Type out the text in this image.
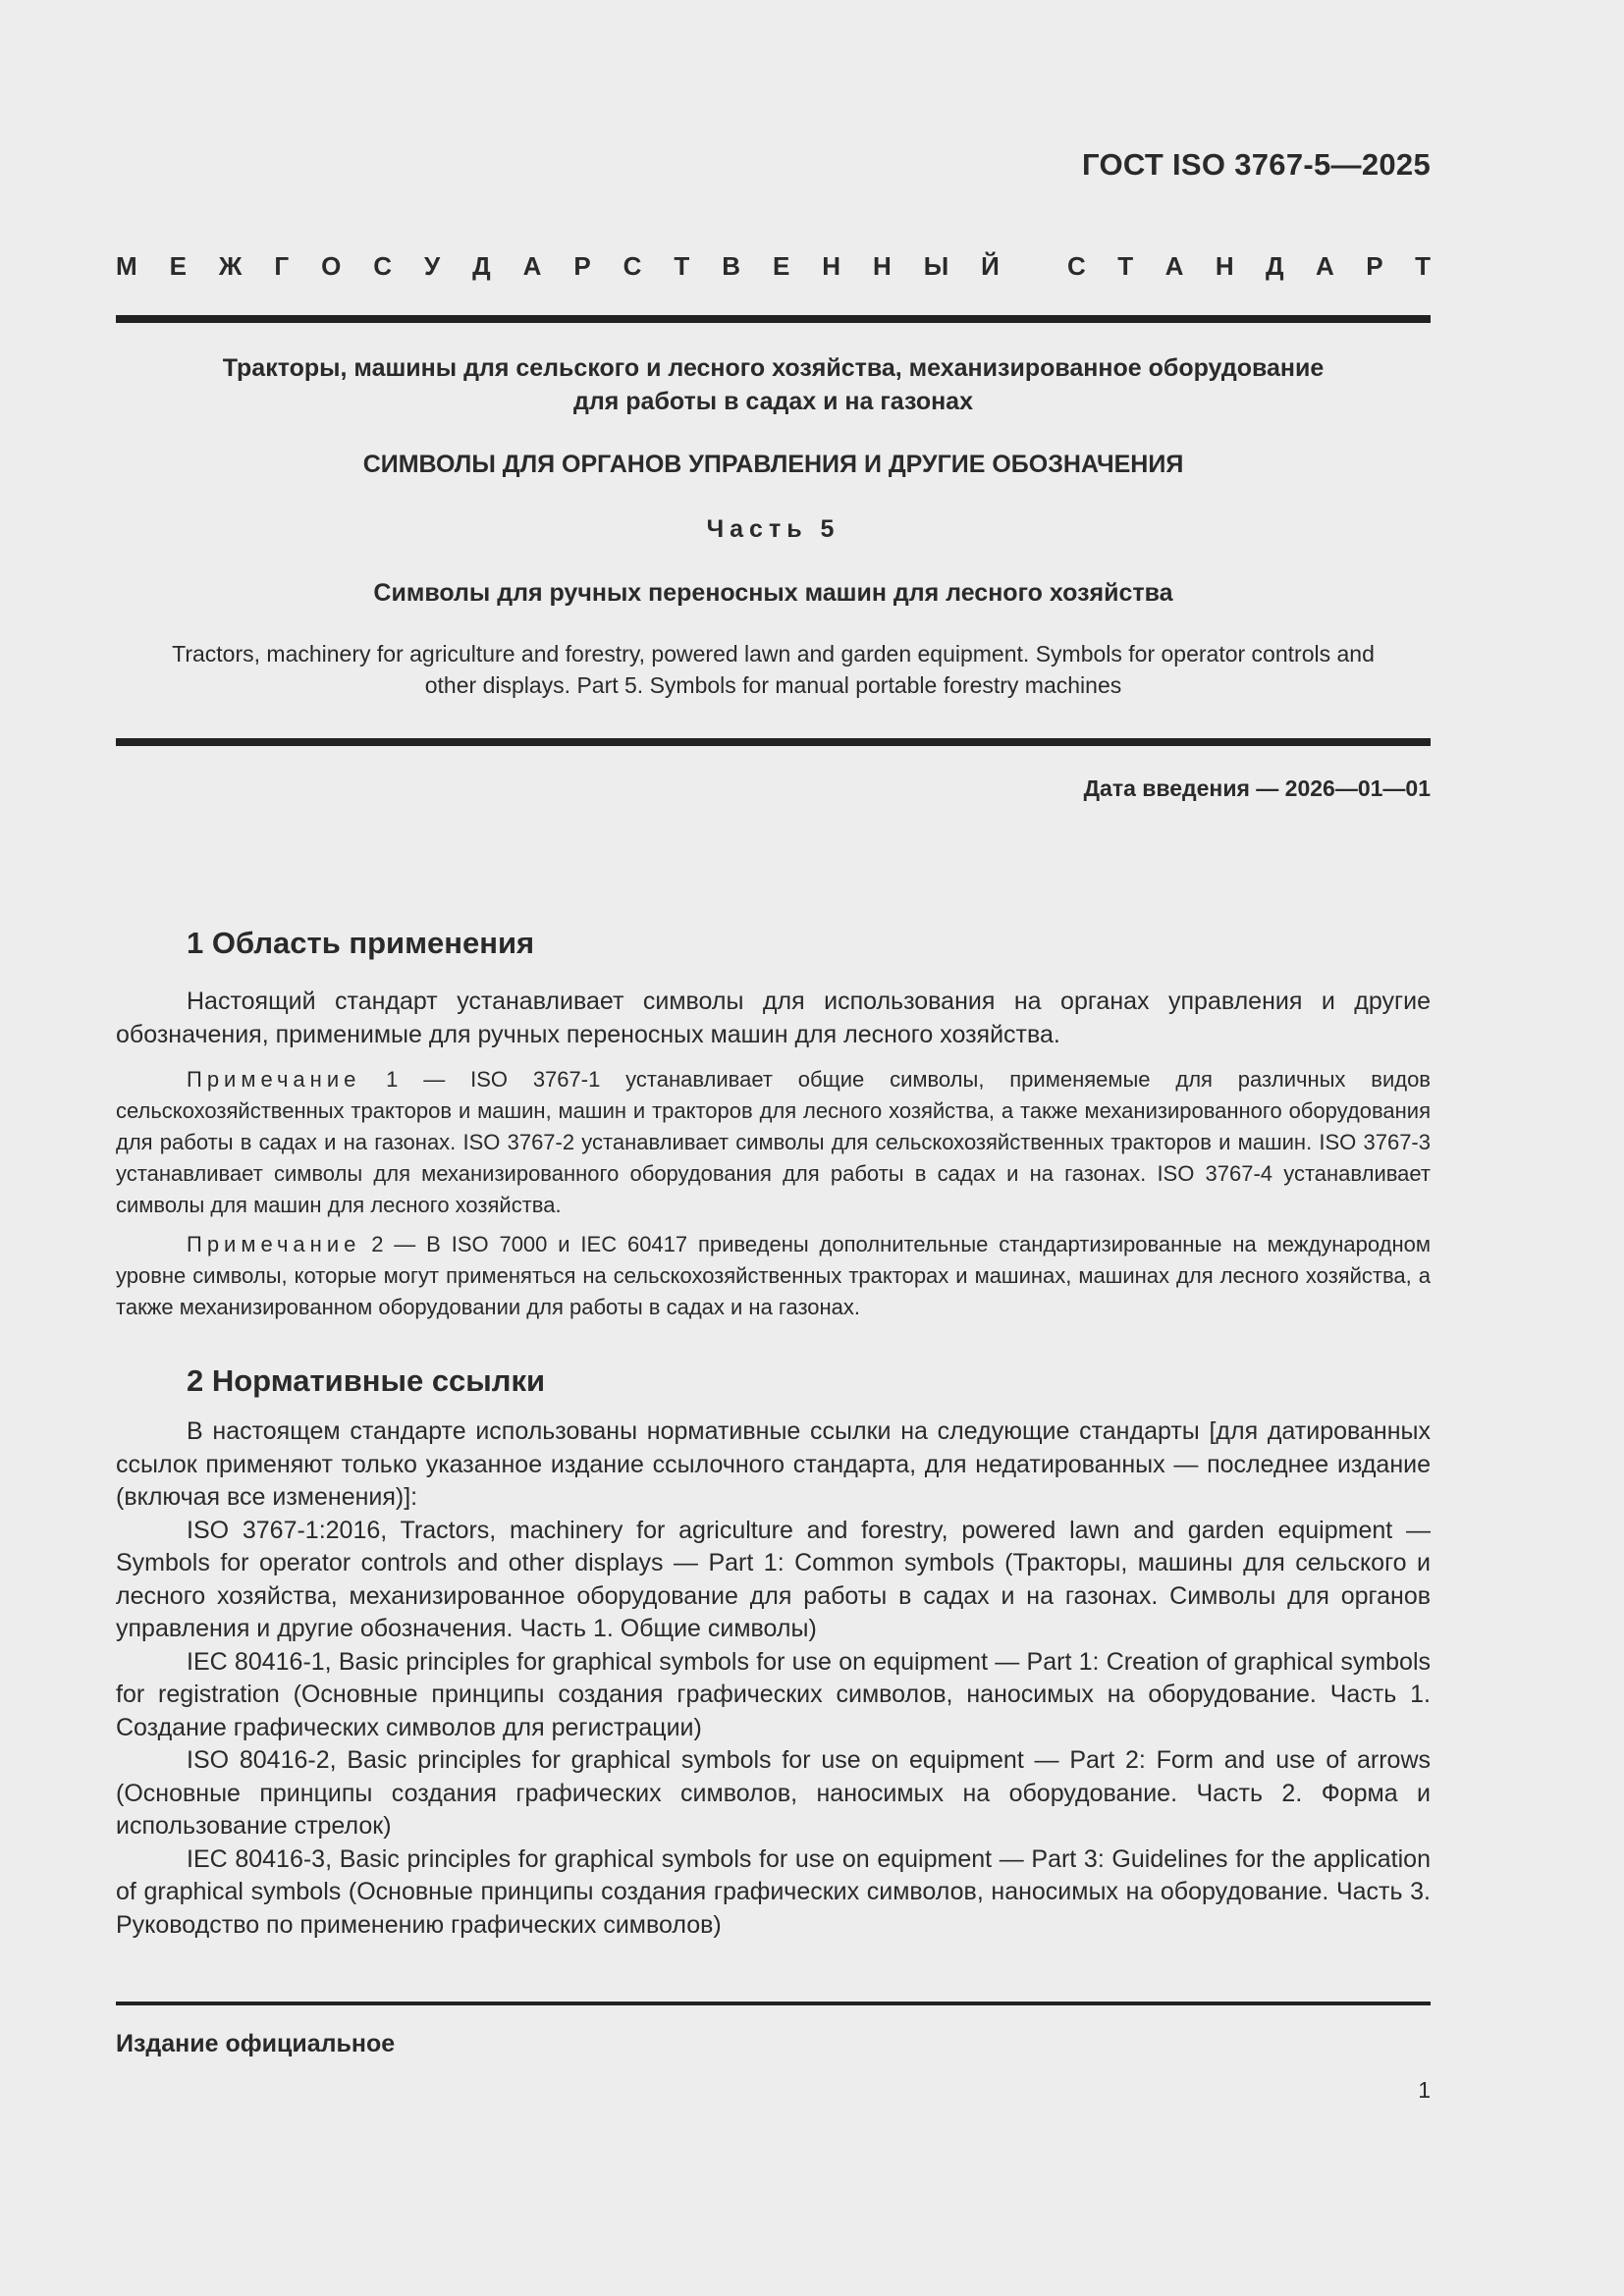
ГОСТ ISO 3767-5—2025
М Е Ж Г О С У Д А Р С Т В Е Н Н Ы Й	С Т А Н Д А Р Т
Тракторы, машины для сельского и лесного хозяйства, механизированное оборудование
для работы в садах и на газонах
СИМВОЛЫ ДЛЯ ОРГАНОВ УПРАВЛЕНИЯ И ДРУГИЕ ОБОЗНАЧЕНИЯ
Часть 5
Символы для ручных переносных машин для лесного хозяйства
Tractors, machinery for agriculture and forestry, powered lawn and garden equipment. Symbols for operator controls and
other displays. Part 5. Symbols for manual portable forestry machines
Дата введения — 2026—01—01
1 Область применения

Настоящий стандарт устанавливает символы для использования на органах управления и другие обозначения, применимые для ручных переносных машин для лесного хозяйства.

Примечание 1 — ISO 3767-1 устанавливает общие символы, применяемые для различных видов сельскохозяйственных тракторов и машин, машин и тракторов для лесного хозяйства, а также механизированного оборудования для работы в садах и на газонах. ISO 3767-2 устанавливает символы для сельскохозяйственных тракторов и машин. ISO 3767-3 устанавливает символы для механизированного оборудования для работы в садах и на газонах. ISO 3767-4 устанавливает символы для машин для лесного хозяйства.

Примечание 2 — В ISO 7000 и IEC 60417 приведены дополнительные стандартизированные на международном уровне символы, которые могут применяться на сельскохозяйственных тракторах и машинах, машинах для лесного хозяйства, а также механизированном оборудовании для работы в садах и на газонах.

2 Нормативные ссылки

В настоящем стандарте использованы нормативные ссылки на следующие стандарты [для датированных ссылок применяют только указанное издание ссылочного стандарта, для недатированных — последнее издание (включая все изменения)]:

ISO 3767-1:2016, Tractors, machinery for agriculture and forestry, powered lawn and garden equipment — Symbols for operator controls and other displays — Part 1: Common symbols (Тракторы, машины для сельского и лесного хозяйства, механизированное оборудование для работы в садах и на газонах. Символы для органов управления и другие обозначения. Часть 1. Общие символы)

IEC 80416-1, Basic principles for graphical symbols for use on equipment — Part 1: Creation of graphical symbols for registration (Основные принципы создания графических символов, наносимых на оборудование. Часть 1. Создание графических символов для регистрации)

ISO 80416-2, Basic principles for graphical symbols for use on equipment — Part 2: Form and use of arrows (Основные принципы создания графических символов, наносимых на оборудование. Часть 2. Форма и использование стрелок)

IEC 80416-3, Basic principles for graphical symbols for use on equipment — Part 3: Guidelines for the application of graphical symbols (Основные принципы создания графических символов, наносимых на оборудование. Часть 3. Руководство по применению графических символов)

Издание официальное
1
